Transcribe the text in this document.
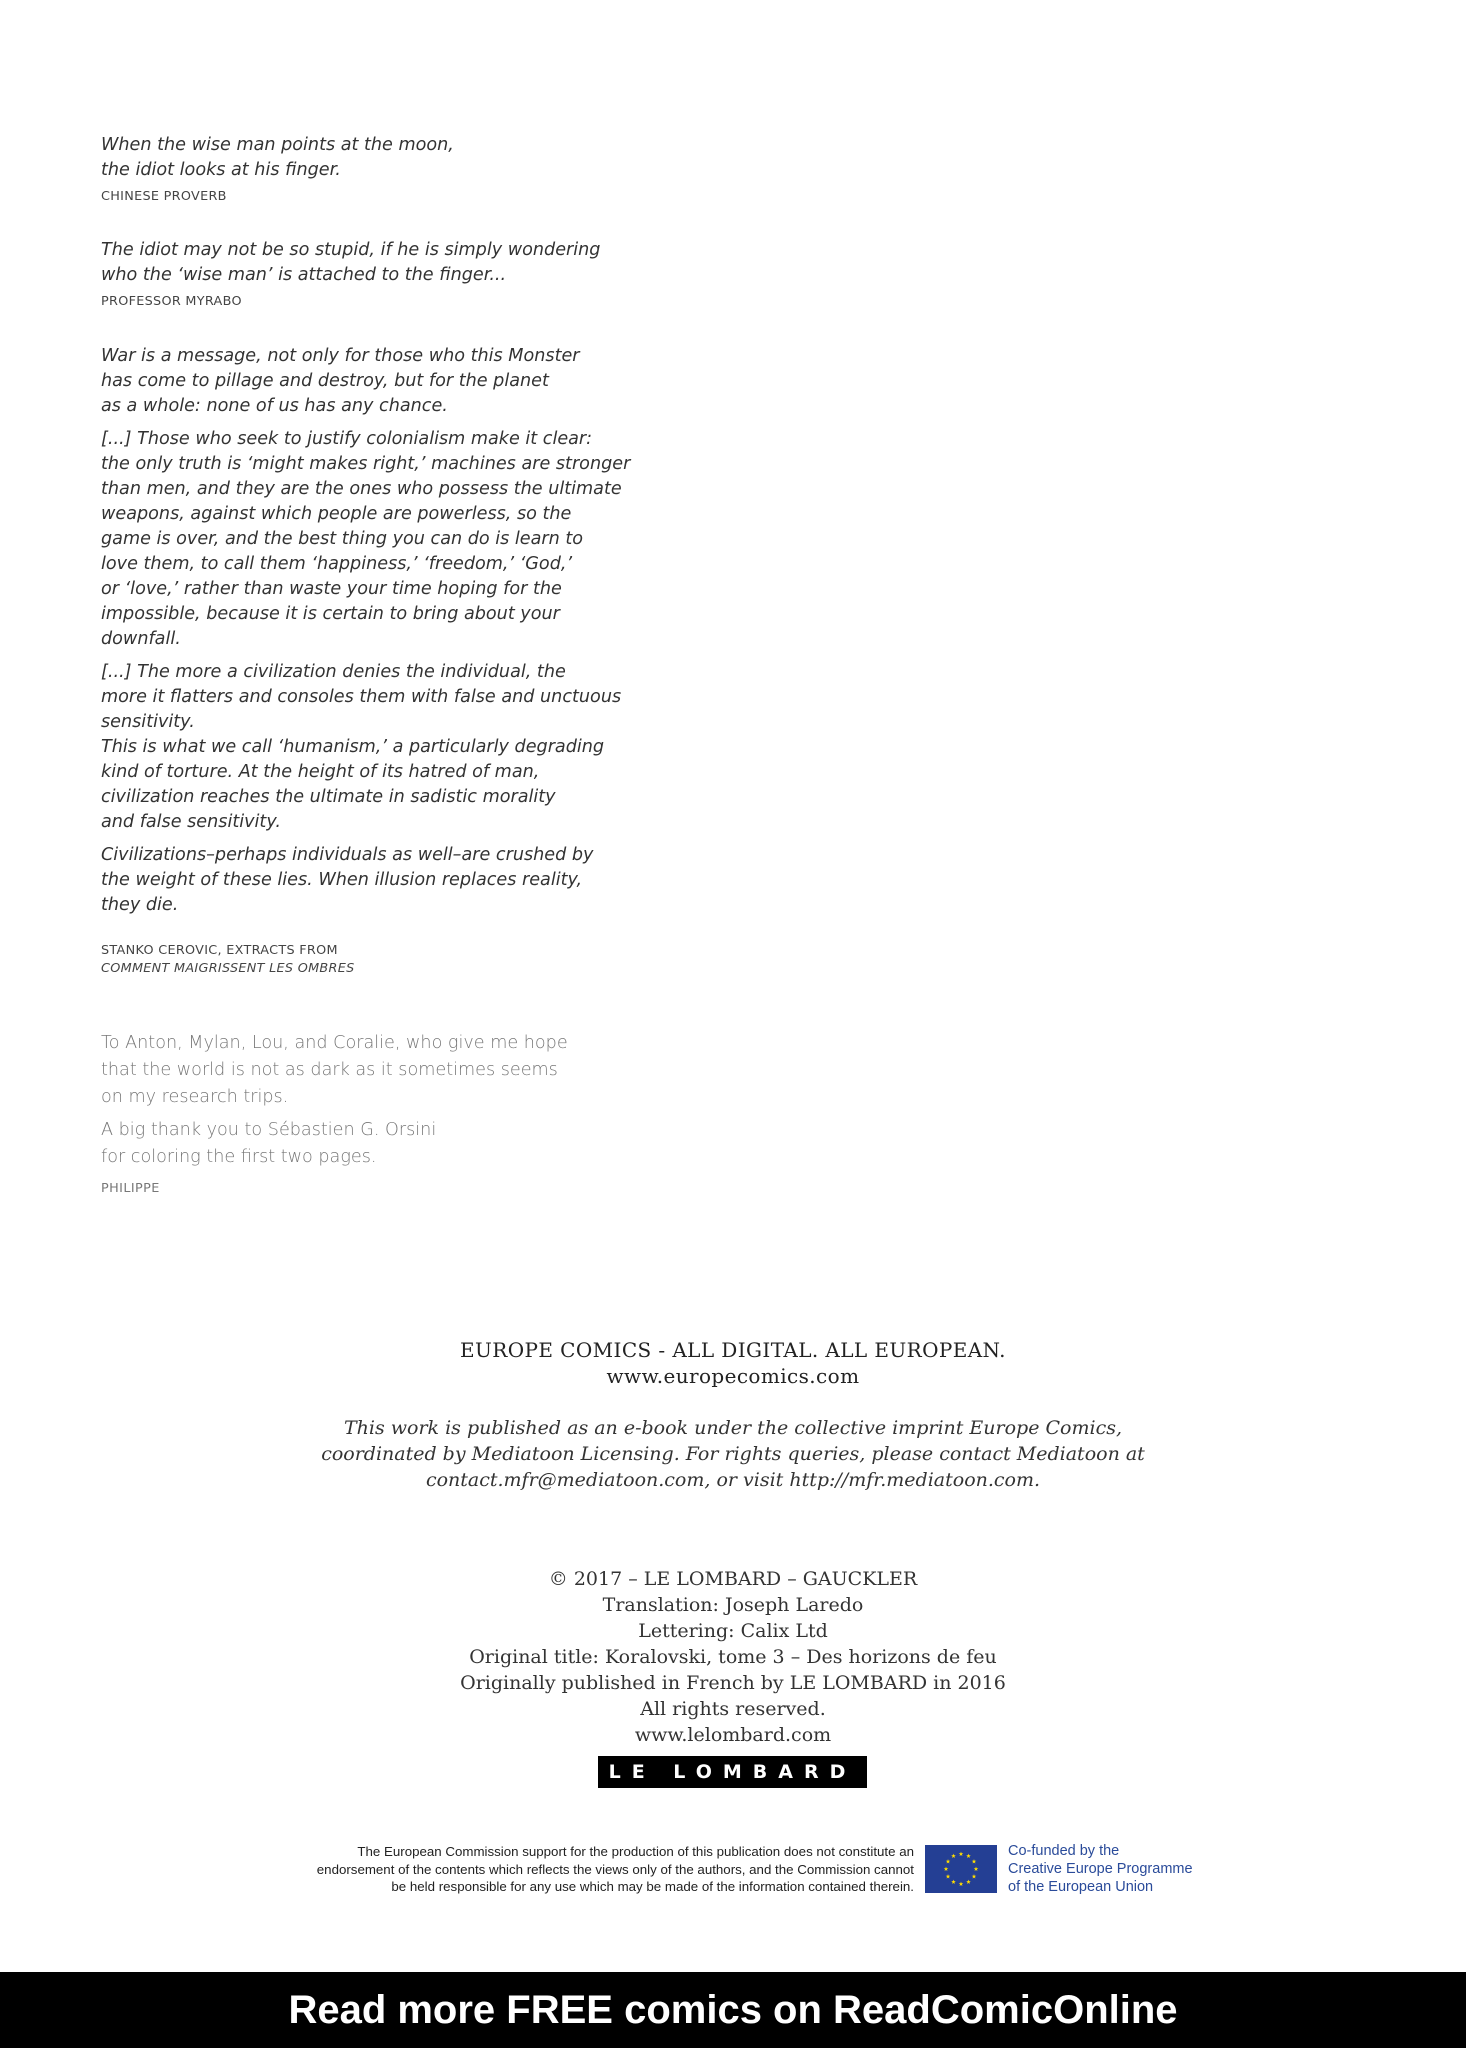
When the wise man points at the moon,
the idiot looks at his finger.

CHINESE PROVERB

The idiot may not be so stupid, if he is simply wondering
who the ‘wise man’ is attached to the finger...

PROFESSOR MYRABO

War is a message, not only for those who this Monster
has come to pillage and destroy, but for the planet
as a whole: none of us has any chance.

[...] Those who seek to justify colonialism make it clear:
the only truth is ‘might makes right,’ machines are stronger
than men, and they are the ones who possess the ultimate
weapons, against which people are powerless, so the
game is over, and the best thing you can do is learn to
love them, to call them ‘happiness,’ ‘freedom,’ ‘God,’
or ‘love,’ rather than waste your time hoping for the
impossible, because it is certain to bring about your
downfall.

[...] The more a civilization denies the individual, the
more it flatters and consoles them with false and unctuous
sensitivity.
This is what we call ‘humanism,’ a particularly degrading
kind of torture. At the height of its hatred of man,
civilization reaches the ultimate in sadistic morality
and false sensitivity.

Civilizations–perhaps individuals as well–are crushed by
the weight of these lies. When illusion replaces reality,
they die.

STANKO CEROVIC, EXTRACTS FROM

COMMENT MAIGRISSENT LES OMBRES

To Anton, Mylan, Lou, and Coralie, who give me hope
that the world is not as dark as it sometimes seems
on my research trips.

A big thank you to Sébastien G. Orsini
for coloring the first two pages.

PHILIPPE

EUROPE COMICS - ALL DIGITAL. ALL EUROPEAN.
www.europecomics.com
This work is published as an e-book under the collective imprint Europe Comics,
coordinated by Mediatoon Licensing. For rights queries, please contact Mediatoon at
contact.mfr@mediatoon.com, or visit http://mfr.mediatoon.com.
© 2017 – LE LOMBARD – GAUCKLER
Translation: Joseph Laredo
Lettering: Calix Ltd
Original title: Koralovski, tome 3 – Des horizons de feu
Originally published in French by LE LOMBARD in 2016
All rights reserved.
www.lelombard.com
LE LOMBARD
The European Commission support for the production of this publication does not constitute an
endorsement of the contents which reflects the views only of the authors, and the Commission cannot
be held responsible for any use which may be made of the information contained therein.
Co-funded by the
Creative Europe Programme
of the European Union
Read more FREE comics on ReadComicOnline
